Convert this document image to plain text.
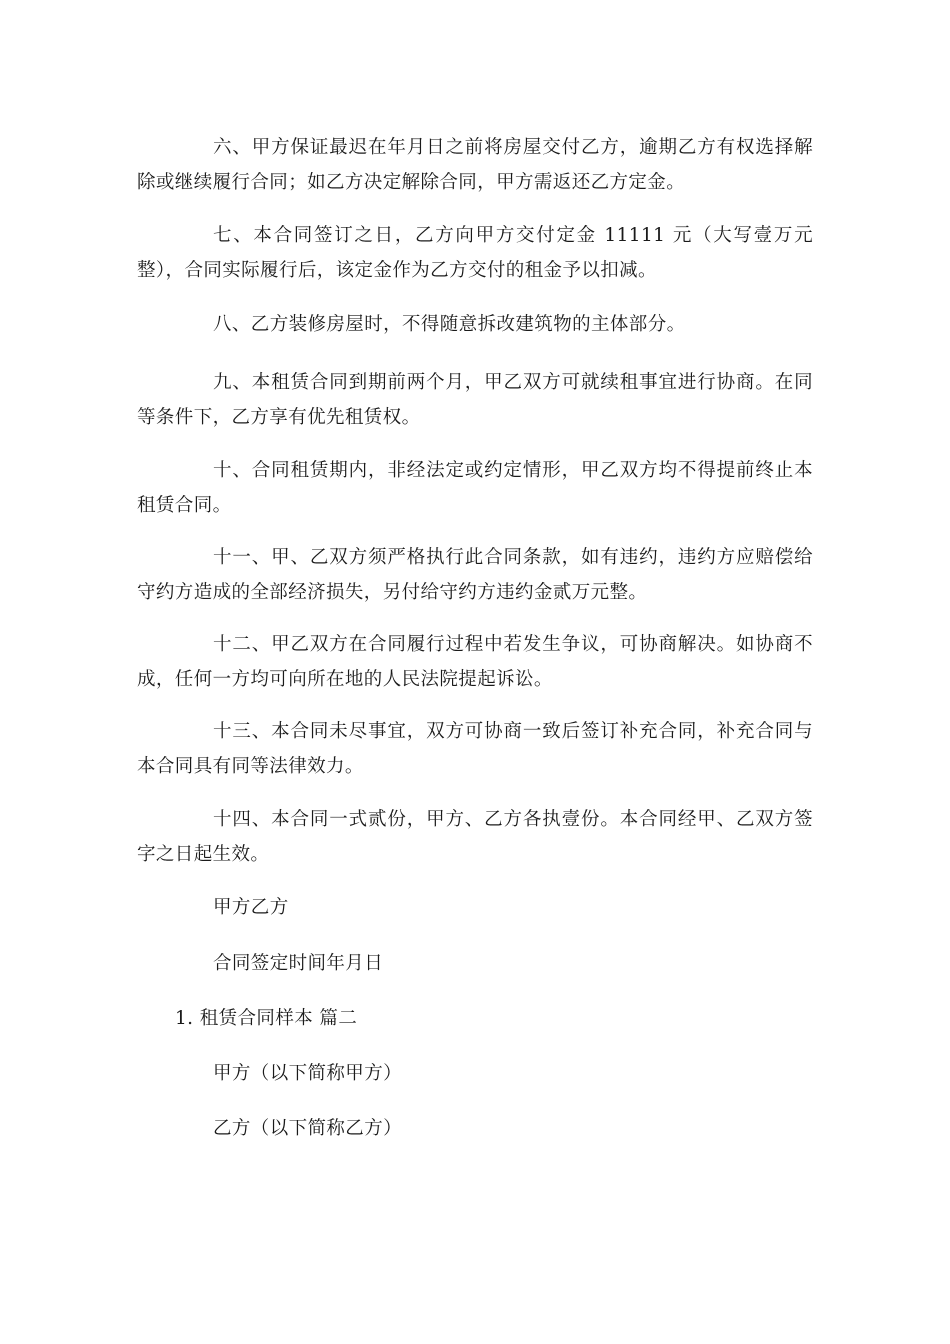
六、甲方保证最迟在年月日之前将房屋交付乙方，逾期乙方有权选择解除或继续履行合同；如乙方决定解除合同，甲方需返还乙方定金。

七、本合同签订之日，乙方向甲方交付定金 11111 元（大写壹万元整），合同实际履行后，该定金作为乙方交付的租金予以扣减。

八、乙方装修房屋时，不得随意拆改建筑物的主体部分。

九、本租赁合同到期前两个月，甲乙双方可就续租事宜进行协商。在同等条件下，乙方享有优先租赁权。

十、合同租赁期内，非经法定或约定情形，甲乙双方均不得提前终止本租赁合同。

十一、甲、乙双方须严格执行此合同条款，如有违约，违约方应赔偿给守约方造成的全部经济损失，另付给守约方违约金贰万元整。

十二、甲乙双方在合同履行过程中若发生争议，可协商解决。如协商不成，任何一方均可向所在地的人民法院提起诉讼。

十三、本合同未尽事宜，双方可协商一致后签订补充合同，补充合同与本合同具有同等法律效力。

十四、本合同一式贰份，甲方、乙方各执壹份。本合同经甲、乙双方签字之日起生效。

甲方乙方

合同签定时间年月日

1. 租赁合同样本 篇二

甲方（以下简称甲方）

乙方（以下简称乙方）
